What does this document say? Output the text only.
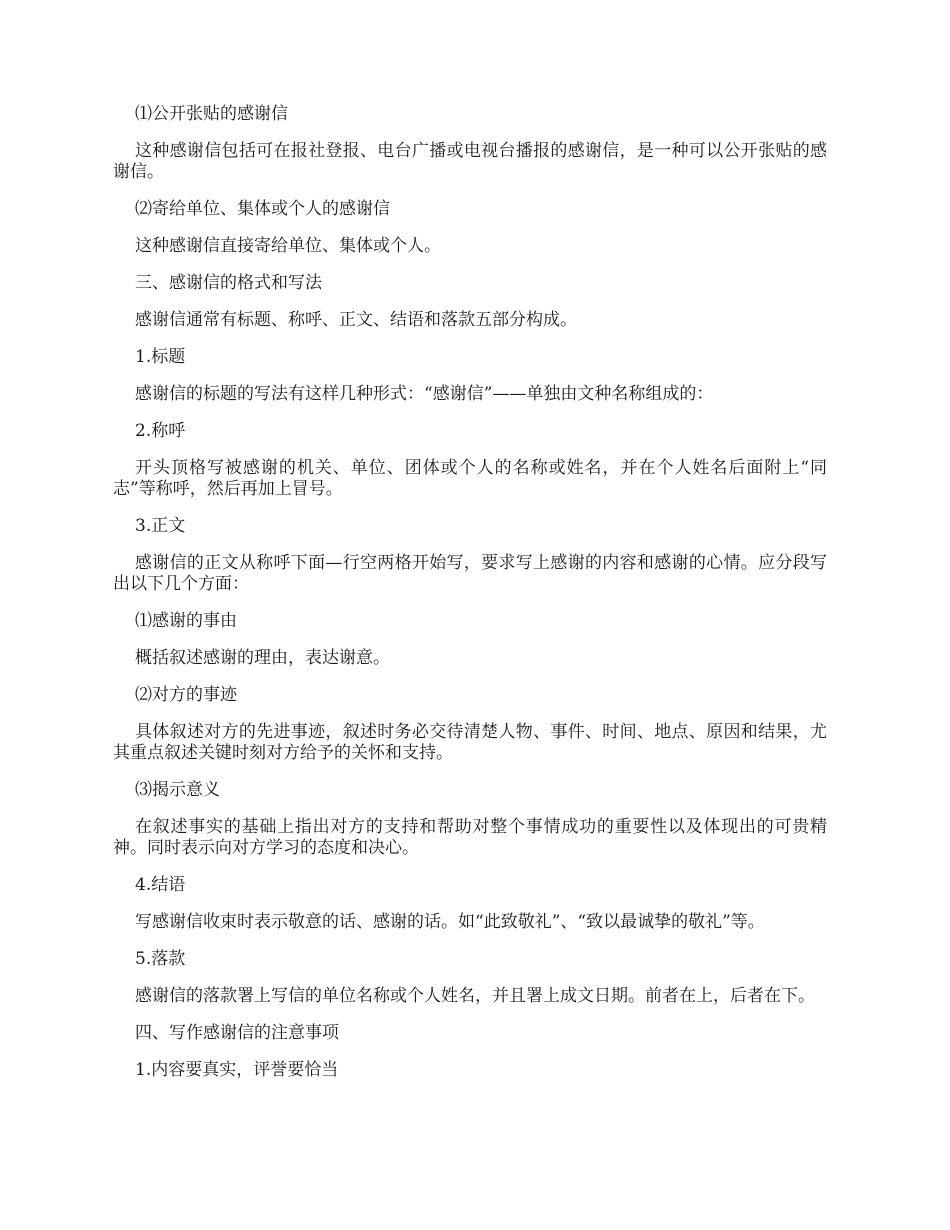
⑴公开张贴的感谢信

这种感谢信包括可在报社登报、电台广播或电视台播报的感谢信，是一种可以公开张贴的感谢信。

⑵寄给单位、集体或个人的感谢信

这种感谢信直接寄给单位、集体或个人。

三、感谢信的格式和写法

感谢信通常有标题、称呼、正文、结语和落款五部分构成。

1.标题

感谢信的标题的写法有这样几种形式：“感谢信”——单独由文种名称组成的：

2.称呼

开头顶格写被感谢的机关、单位、团体或个人的名称或姓名，并在个人姓名后面附上“同志”等称呼，然后再加上冒号。

3.正文

感谢信的正文从称呼下面—行空两格开始写，要求写上感谢的内容和感谢的心情。应分段写出以下几个方面：

⑴感谢的事由

概括叙述感谢的理由，表达谢意。

⑵对方的事迹

具体叙述对方的先进事迹，叙述时务必交待清楚人物、事件、时间、地点、原因和结果，尤其重点叙述关键时刻对方给予的关怀和支持。

⑶揭示意义

在叙述事实的基础上指出对方的支持和帮助对整个事情成功的重要性以及体现出的可贵精神。同时表示向对方学习的态度和决心。

4.结语

写感谢信收束时表示敬意的话、感谢的话。如“此致敬礼”、“致以最诚挚的敬礼”等。

5.落款

感谢信的落款署上写信的单位名称或个人姓名，并且署上成文日期。前者在上，后者在下。

四、写作感谢信的注意事项

1.内容要真实，评誉要恰当
